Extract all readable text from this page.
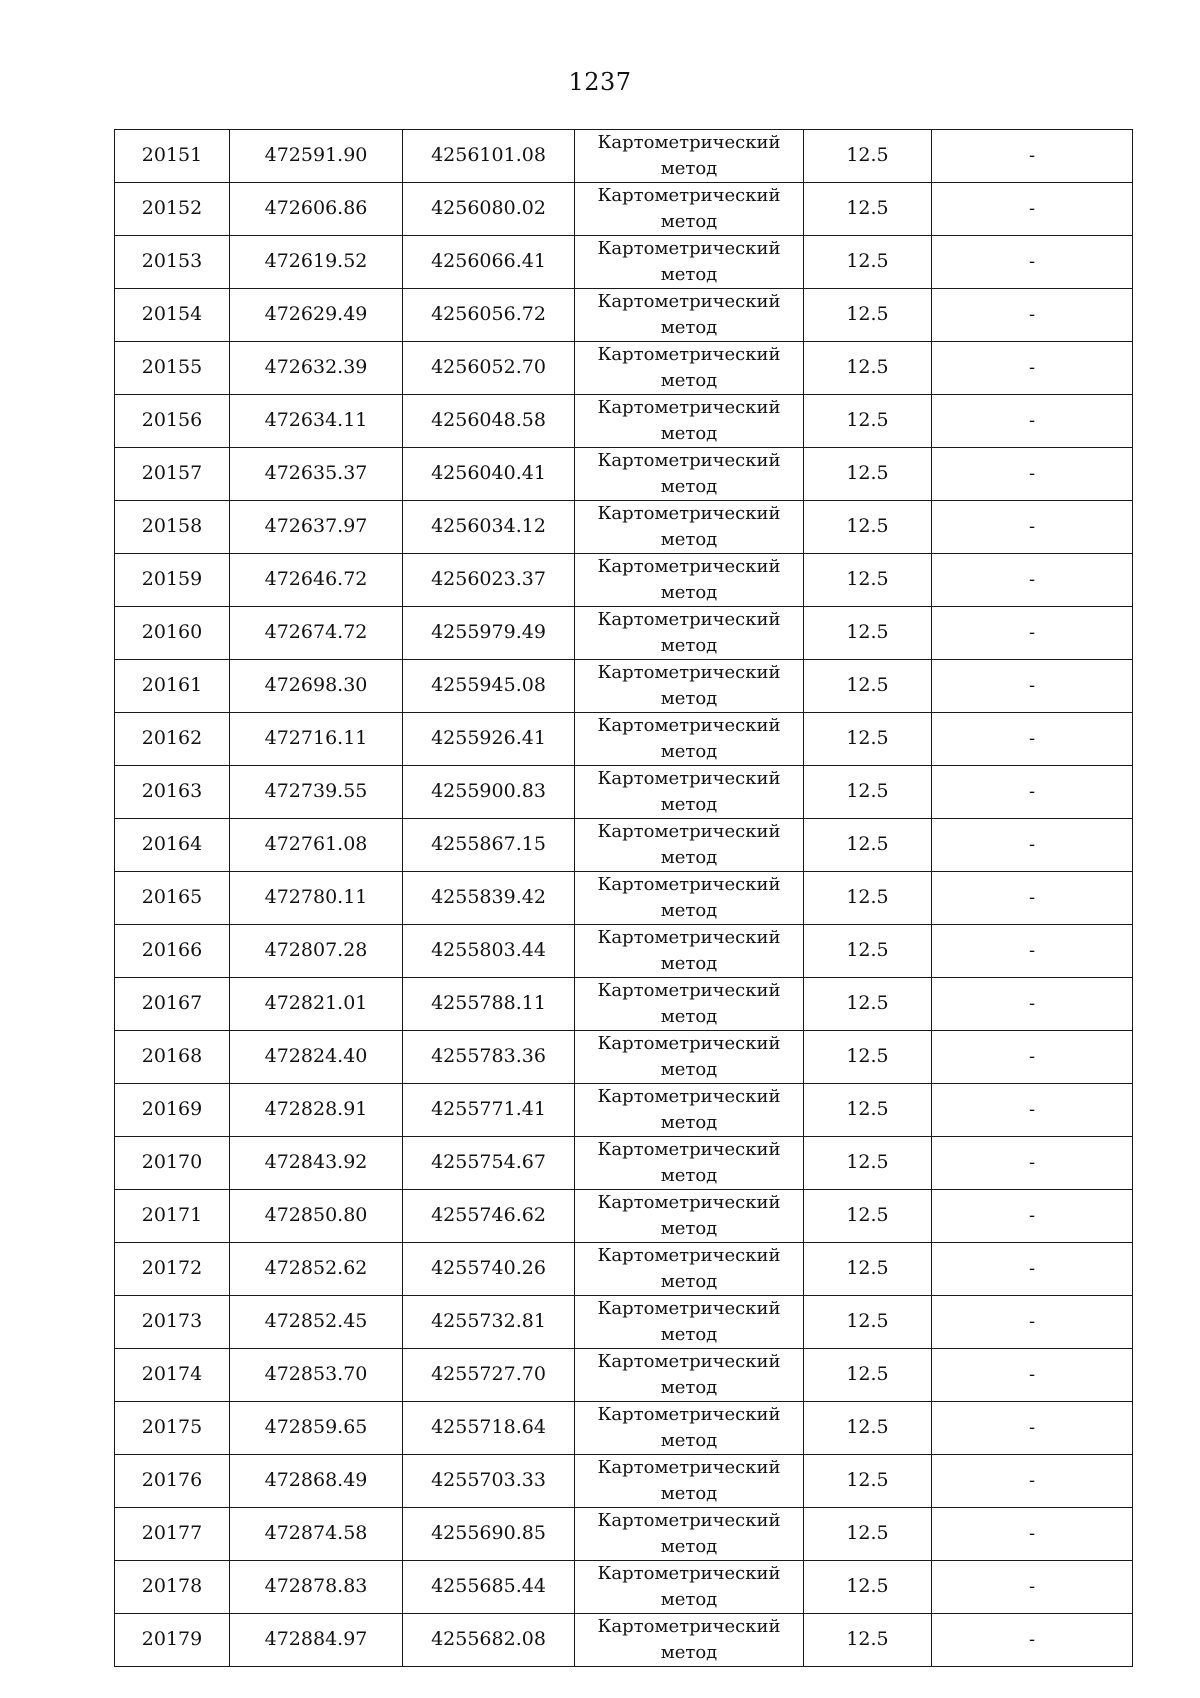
1237
20151	472591.90	4256101.08	Картометрический
метод	12.5	-
20152	472606.86	4256080.02	Картометрический
метод	12.5	-
20153	472619.52	4256066.41	Картометрический
метод	12.5	-
20154	472629.49	4256056.72	Картометрический
метод	12.5	-
20155	472632.39	4256052.70	Картометрический
метод	12.5	-
20156	472634.11	4256048.58	Картометрический
метод	12.5	-
20157	472635.37	4256040.41	Картометрический
метод	12.5	-
20158	472637.97	4256034.12	Картометрический
метод	12.5	-
20159	472646.72	4256023.37	Картометрический
метод	12.5	-
20160	472674.72	4255979.49	Картометрический
метод	12.5	-
20161	472698.30	4255945.08	Картометрический
метод	12.5	-
20162	472716.11	4255926.41	Картометрический
метод	12.5	-
20163	472739.55	4255900.83	Картометрический
метод	12.5	-
20164	472761.08	4255867.15	Картометрический
метод	12.5	-
20165	472780.11	4255839.42	Картометрический
метод	12.5	-
20166	472807.28	4255803.44	Картометрический
метод	12.5	-
20167	472821.01	4255788.11	Картометрический
метод	12.5	-
20168	472824.40	4255783.36	Картометрический
метод	12.5	-
20169	472828.91	4255771.41	Картометрический
метод	12.5	-
20170	472843.92	4255754.67	Картометрический
метод	12.5	-
20171	472850.80	4255746.62	Картометрический
метод	12.5	-
20172	472852.62	4255740.26	Картометрический
метод	12.5	-
20173	472852.45	4255732.81	Картометрический
метод	12.5	-
20174	472853.70	4255727.70	Картометрический
метод	12.5	-
20175	472859.65	4255718.64	Картометрический
метод	12.5	-
20176	472868.49	4255703.33	Картометрический
метод	12.5	-
20177	472874.58	4255690.85	Картометрический
метод	12.5	-
20178	472878.83	4255685.44	Картометрический
метод	12.5	-
20179	472884.97	4255682.08	Картометрический
метод	12.5	-
